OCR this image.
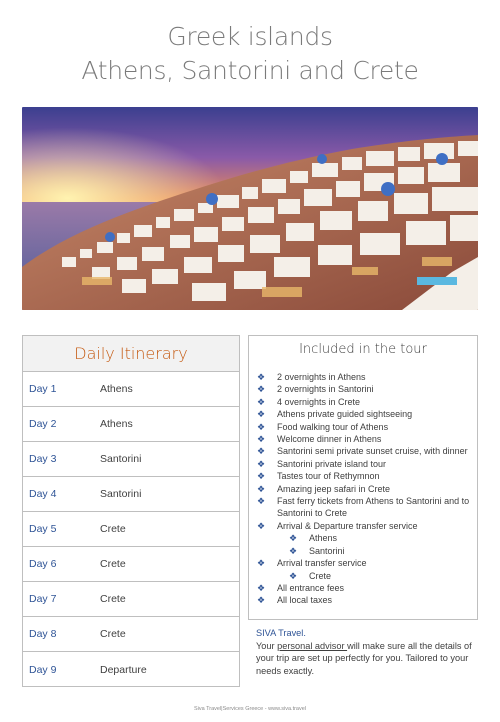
Greek islands
Athens, Santorini and Crete
Daily Itinerary
Day 1	Athens
Day 2	Athens
Day 3	Santorini
Day 4	Santorini
Day 5	Crete
Day 6	Crete
Day 7	Crete
Day 8	Crete
Day 9	Departure
Included in the tour
❖ 2 overnights in Athens
❖ 2 overnights in Santorini
❖ 4 overnights in Crete
❖ Athens private guided sightseeing
❖ Food walking tour of Athens
❖ Welcome dinner in Athens
❖ Santorini semi private sunset cruise, with dinner
❖ Santorini private island tour
❖ Tastes tour of Rethymnon
❖ Amazing jeep safari in Crete
❖ Fast ferry tickets from Athens to Santorini and to Santorini to Crete
❖ Arrival & Departure transfer service
❖ Athens
❖ Santorini
❖ Arrival transfer service
❖ Crete
❖ All entrance fees
❖ All local taxes
SIVA Travel.
Your personal advisor will make sure all the details of your trip are set up perfectly for you. Tailored to your needs exactly.
Siva Travel|Services Greece - www.siva.travel
